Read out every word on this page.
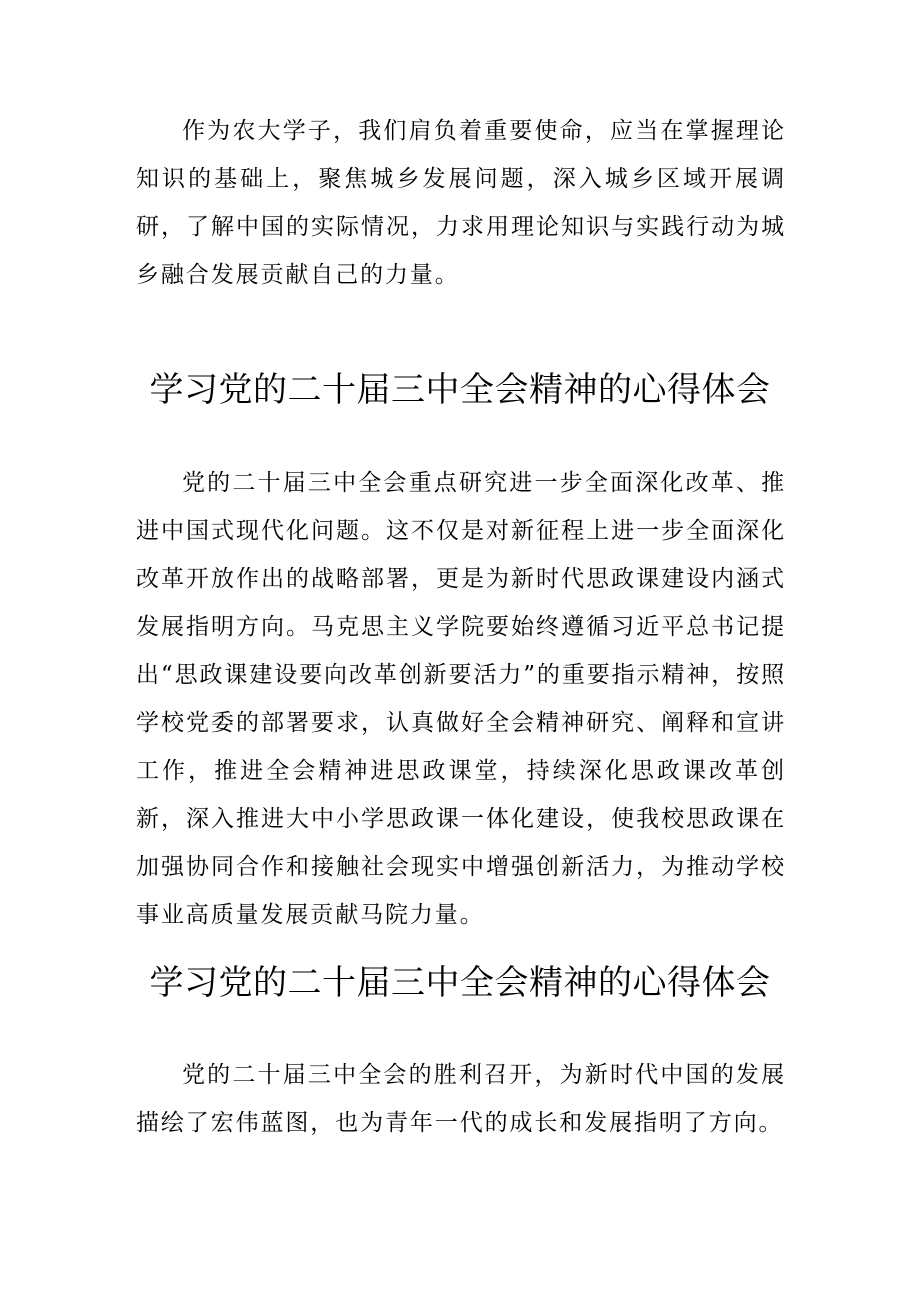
作为农大学子，我们肩负着重要使命，应当在掌握理论知识的基础上，聚焦城乡发展问题，深入城乡区域开展调研，了解中国的实际情况，力求用理论知识与实践行动为城乡融合发展贡献自己的力量。

学习党的二十届三中全会精神的心得体会

党的二十届三中全会重点研究进一步全面深化改革、推进中国式现代化问题。这不仅是对新征程上进一步全面深化改革开放作出的战略部署，更是为新时代思政课建设内涵式发展指明方向。马克思主义学院要始终遵循习近平总书记提出“思政课建设要向改革创新要活力”的重要指示精神，按照学校党委的部署要求，认真做好全会精神研究、阐释和宣讲工作，推进全会精神进思政课堂，持续深化思政课改革创新，深入推进大中小学思政课一体化建设，使我校思政课在加强协同合作和接触社会现实中增强创新活力，为推动学校事业高质量发展贡献马院力量。

学习党的二十届三中全会精神的心得体会

党的二十届三中全会的胜利召开，为新时代中国的发展描绘了宏伟蓝图，也为青年一代的成长和发展指明了方向。
